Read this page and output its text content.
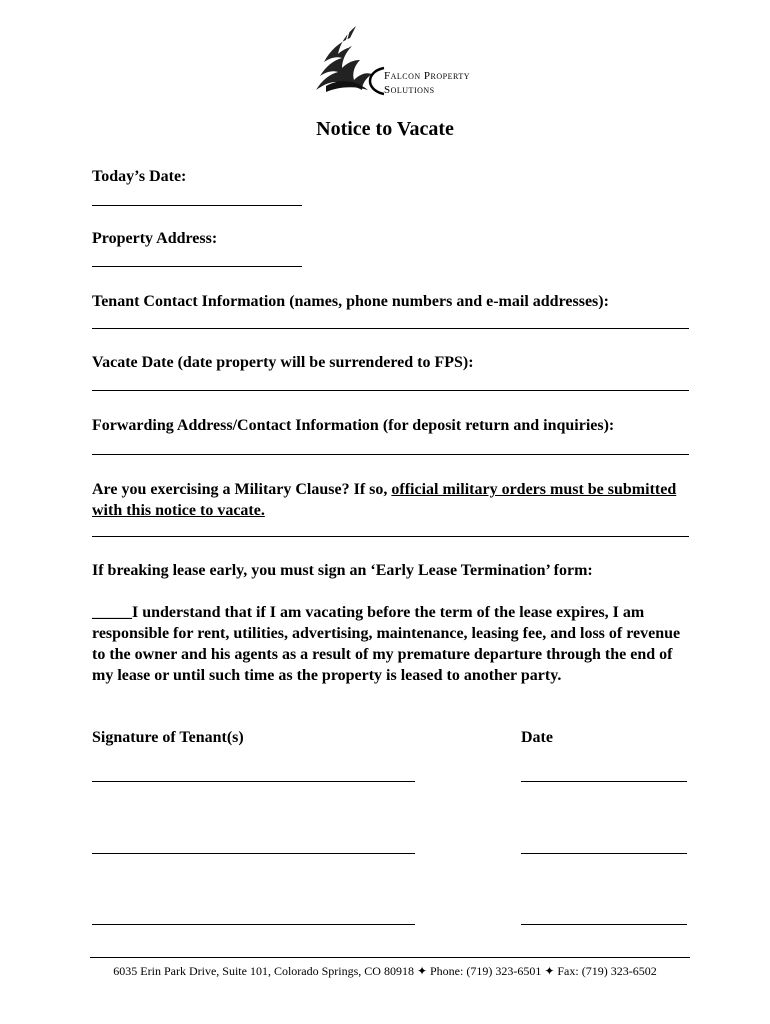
Falcon Property
Solutions
Notice to Vacate
Today’s Date:
Property Address:
Tenant Contact Information (names, phone numbers and e-mail addresses):
Vacate Date (date property will be surrendered to FPS):
Forwarding Address/Contact Information (for deposit return and inquiries):
Are you exercising a Military Clause? If so, official military orders must be submitted with this notice to vacate.
If breaking lease early, you must sign an ‘Early Lease Termination’ form:
_____I understand that if I am vacating before the term of the lease expires, I am responsible for rent, utilities, advertising, maintenance, leasing fee, and loss of revenue to the owner and his agents as a result of my premature departure through the end of my lease or until such time as the property is leased to another party.
Signature of Tenant(s)	Date
6035 Erin Park Drive, Suite 101, Colorado Springs, CO 80918 ✦ Phone: (719) 323-6501 ✦ Fax: (719) 323-6502
